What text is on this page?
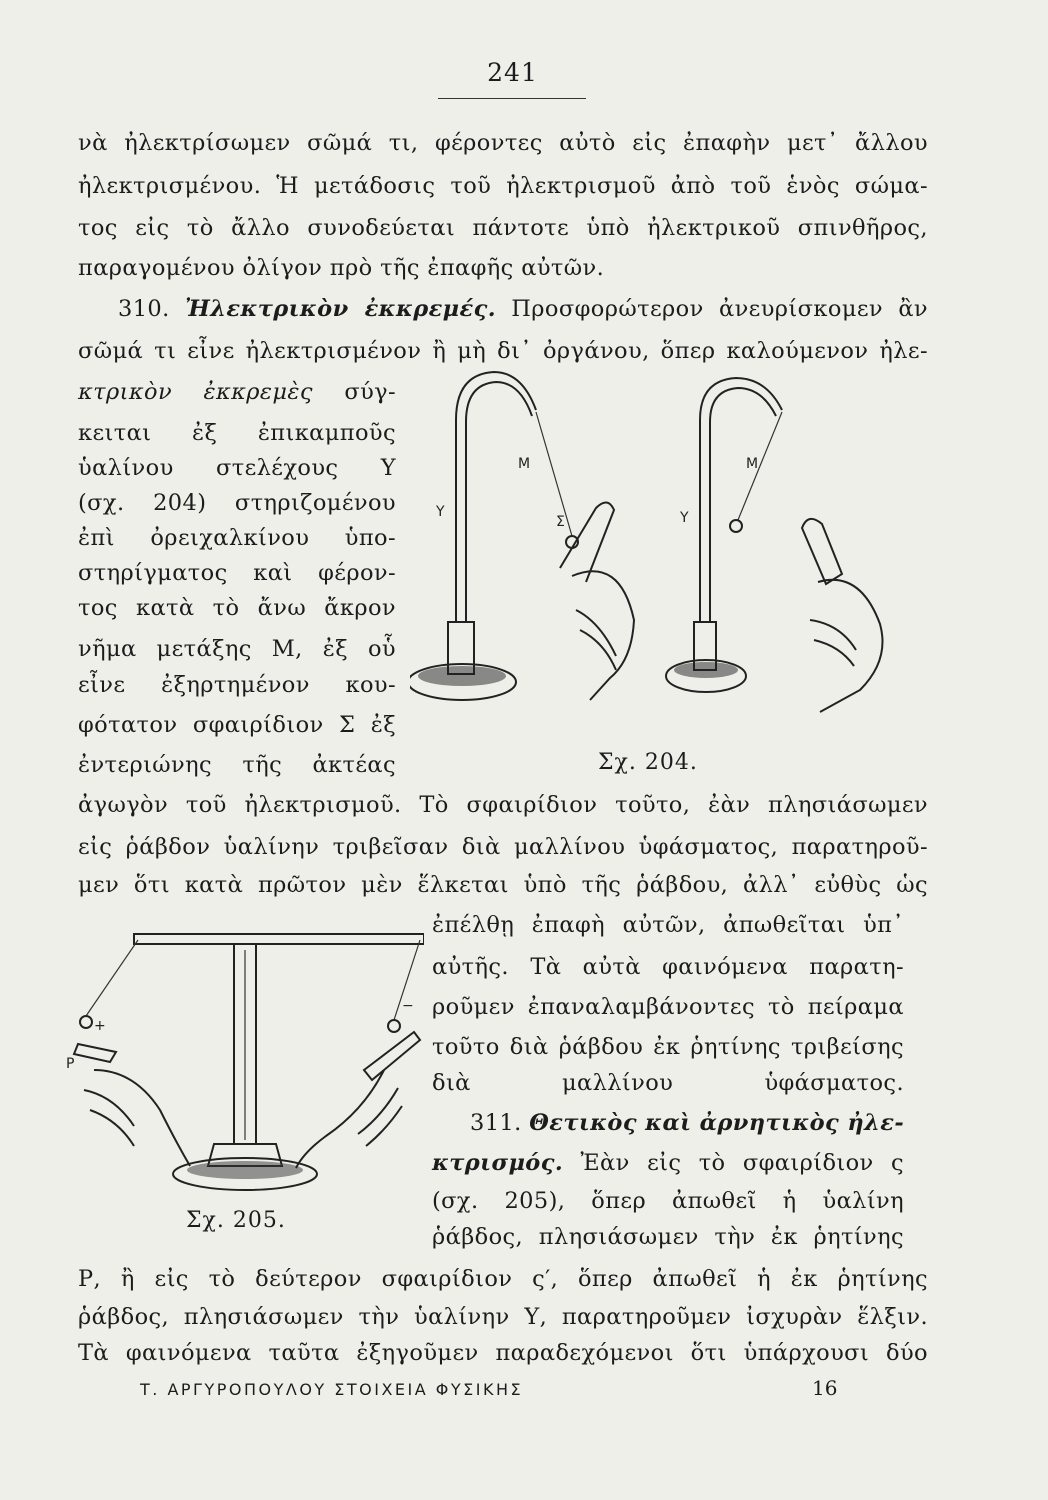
241
νὰ ἠλεκτρίσωμεν σῶμά τι, φέροντες αὐτὸ εἰς ἐπαφὴν μετ᾽ ἄλλου
ἠλεκτρισμένου. Ἡ μετάδοσις τοῦ ἠλεκτρισμοῦ ἀπὸ τοῦ ἑνὸς σώμα-
τος εἰς τὸ ἄλλο συνοδεύεται πάντοτε ὑπὸ ἠλεκτρικοῦ σπινθῆρος,
παραγομένου ὀλίγον πρὸ τῆς ἐπαφῆς αὐτῶν.
310. Ἠλεκτρικὸν ἐκκρεμές. Προσφορώτερον ἀνευρίσκομεν ἂν
σῶμά τι εἶνε ἠλεκτρισμένον ἢ μὴ δι᾽ ὀργάνου, ὅπερ καλούμενον ἠλε-
κτρικὸν ἐκκρεμὲς σύγ-
κειται ἐξ ἐπικαμποῦς
ὑαλίνου στελέχους Υ
(σχ. 204) στηριζομένου
ἐπὶ ὀρειχαλκίνου ὑπο-
στηρίγματος καὶ φέρον-
τος κατὰ τὸ ἄνω ἄκρον
νῆμα μετάξης Μ, ἐξ οὗ
εἶνε ἐξηρτημένον κου-
φότατον σφαιρίδιον Σ ἐξ
ἐντεριώνης τῆς ἀκτέας
M
Y
Σ
M
Y
Σχ. 204.
ἀγωγὸν τοῦ ἠλεκτρισμοῦ. Τὸ σφαιρίδιον τοῦτο, ἐὰν πλησιάσωμεν
εἰς ῥάβδον ὑαλίνην τριβεῖσαν διὰ μαλλίνου ὑφάσματος, παρατηροῦ-
μεν ὅτι κατὰ πρῶτον μὲν ἕλκεται ὑπὸ τῆς ῥάβδου, ἀλλ᾽ εὐθὺς ὡς
+
−
P
Σχ. 205.
ἐπέλθῃ ἐπαφὴ αὐτῶν, ἀπωθεῖται ὑπ᾽
αὐτῆς. Τὰ αὐτὰ φαινόμενα παρατη-
ροῦμεν ἐπαναλαμβάνοντες τὸ πείραμα
τοῦτο διὰ ῥάβδου ἐκ ῥητίνης τριβείσης
διὰ μαλλίνου ὑφάσματος.
311. Θετικὸς καὶ ἀρνητικὸς ἠλε-
κτρισμός. Ἐὰν εἰς τὸ σφαιρίδιον ς
(σχ. 205), ὅπερ ἀπωθεῖ ἡ ὑαλίνη
ῥάβδος, πλησιάσωμεν τὴν ἐκ ῥητίνης
Ρ, ἢ εἰς τὸ δεύτερον σφαιρίδιον ς′, ὅπερ ἀπωθεῖ ἡ ἐκ ῥητίνης
ῥάβδος, πλησιάσωμεν τὴν ὑαλίνην Υ, παρατηροῦμεν ἰσχυρὰν ἕλξιν.
Τὰ φαινόμενα ταῦτα ἐξηγοῦμεν παραδεχόμενοι ὅτι ὑπάρχουσι δύο
Τ. ΑΡΓΥΡΟΠΟΥΛΟΥ ΣΤΟΙΧΕΙΑ ΦΥΣΙΚΗΣ	16
